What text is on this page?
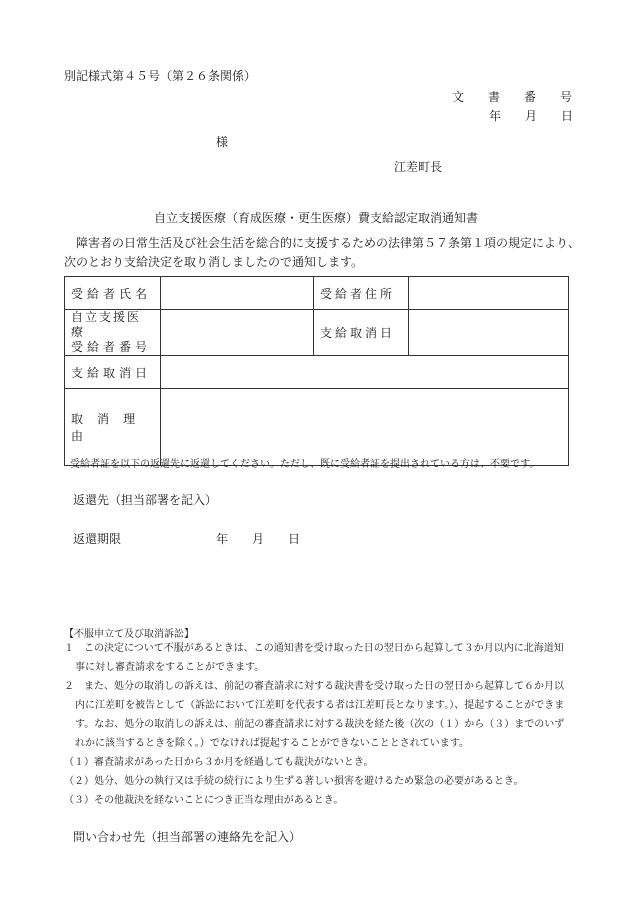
別記様式第４５号（第２６条関係）
文　　書　　番　　号
年　　月　　日
様
江差町長
自立支援医療（育成医療・更生医療）費支給認定取消通知書
障害者の日常生活及び社会生活を総合的に支援するための法律第５７条第１項の規定により、
次のとおり支給決定を取り消しましたので通知します。
受給者氏名		受給者住所	

自立支援医療
受給者番号		支給取消日	
支給取消日			
取　消　理　由			
受給者証を以下の返還先に返還してください。ただし、既に受給者証を提出されている方は、不要です。
返還先（担当部署を記入）
返還期限	年　　月　　日
【不服申立て及び取消訴訟】

１　この決定について不服があるときは、この通知書を受け取った日の翌日から起算して３か月以内に北海道知

事に対し審査請求をすることができます。

２　また、処分の取消しの訴えは、前記の審査請求に対する裁決書を受け取った日の翌日から起算して６か月以

内に江差町を被告として（訴訟において江差町を代表する者は江差町長となります。）、提起することができま

す。なお、処分の取消しの訴えは、前記の審査請求に対する裁決を経た後（次の（１）から（３）までのいず

れかに該当するときを除く。）でなければ提起することができないこととされています。

（１）審査請求があった日から３か月を経過しても裁決がないとき。

（２）処分、処分の執行又は手続の続行により生ずる著しい損害を避けるため緊急の必要があるとき。

（３）その他裁決を経ないことにつき正当な理由があるとき。

問い合わせ先（担当部署の連絡先を記入）
